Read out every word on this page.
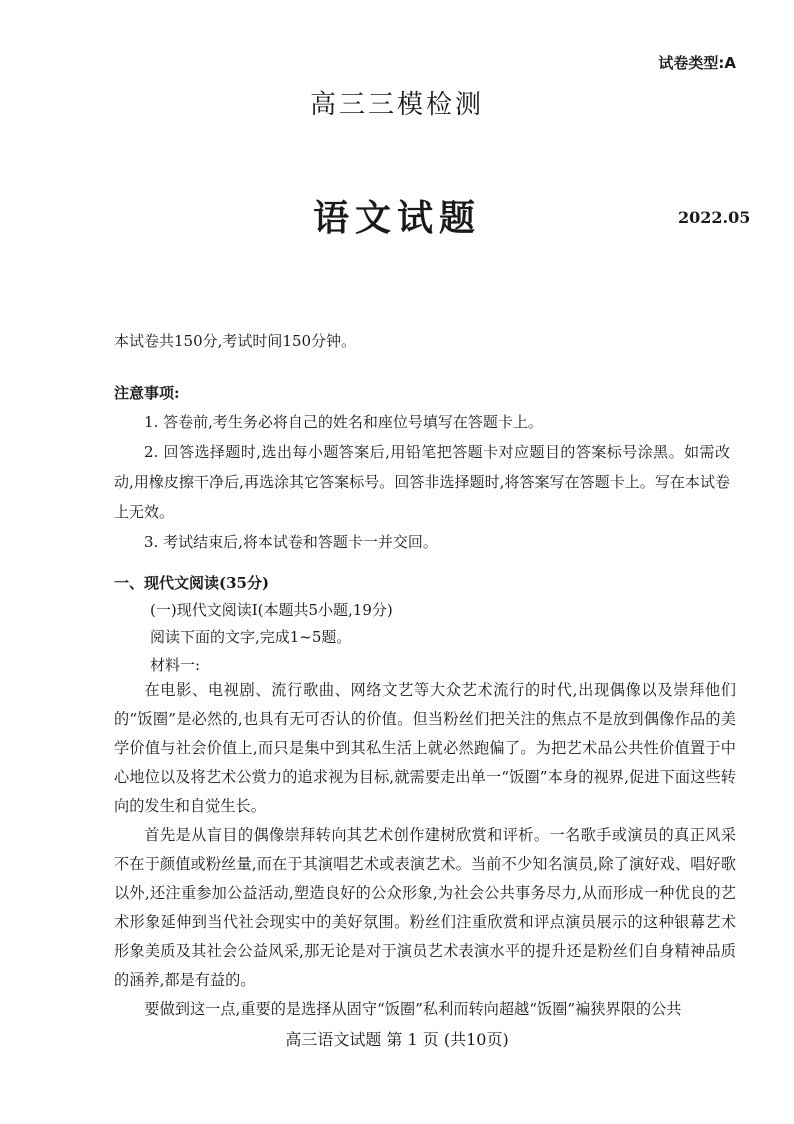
试卷类型:A
高三三模检测
语文试题	2022.05
本试卷共150分,考试时间150分钟。
注意事项:
1. 答卷前,考生务必将自己的姓名和座位号填写在答题卡上。
2. 回答选择题时,选出每小题答案后,用铅笔把答题卡对应题目的答案标号涂黑。如需改动,用橡皮擦干净后,再选涂其它答案标号。回答非选择题时,将答案写在答题卡上。写在本试卷上无效。
3. 考试结束后,将本试卷和答题卡一并交回。
一、现代文阅读(35分)
(一)现代文阅读I(本题共5小题,19分)
阅读下面的文字,完成1~5题。
材料一:

在电影、电视剧、流行歌曲、网络文艺等大众艺术流行的时代,出现偶像以及崇拜他们的“饭圈”是必然的,也具有无可否认的价值。但当粉丝们把关注的焦点不是放到偶像作品的美学价值与社会价值上,而只是集中到其私生活上就必然跑偏了。为把艺术品公共性价值置于中心地位以及将艺术公赏力的追求视为目标,就需要走出单一“饭圈”本身的视界,促进下面这些转向的发生和自觉生长。

首先是从盲目的偶像崇拜转向其艺术创作建树欣赏和评析。一名歌手或演员的真正风采不在于颜值或粉丝量,而在于其演唱艺术或表演艺术。当前不少知名演员,除了演好戏、唱好歌以外,还注重参加公益活动,塑造良好的公众形象,为社会公共事务尽力,从而形成一种优良的艺术形象延伸到当代社会现实中的美好氛围。粉丝们注重欣赏和评点演员展示的这种银幕艺术形象美质及其社会公益风采,那无论是对于演员艺术表演水平的提升还是粉丝们自身精神品质的涵养,都是有益的。

要做到这一点,重要的是选择从固守“饭圈”私利而转向超越“饭圈”褊狭界限的公共

高三语文试题 第 1 页 (共10页)
